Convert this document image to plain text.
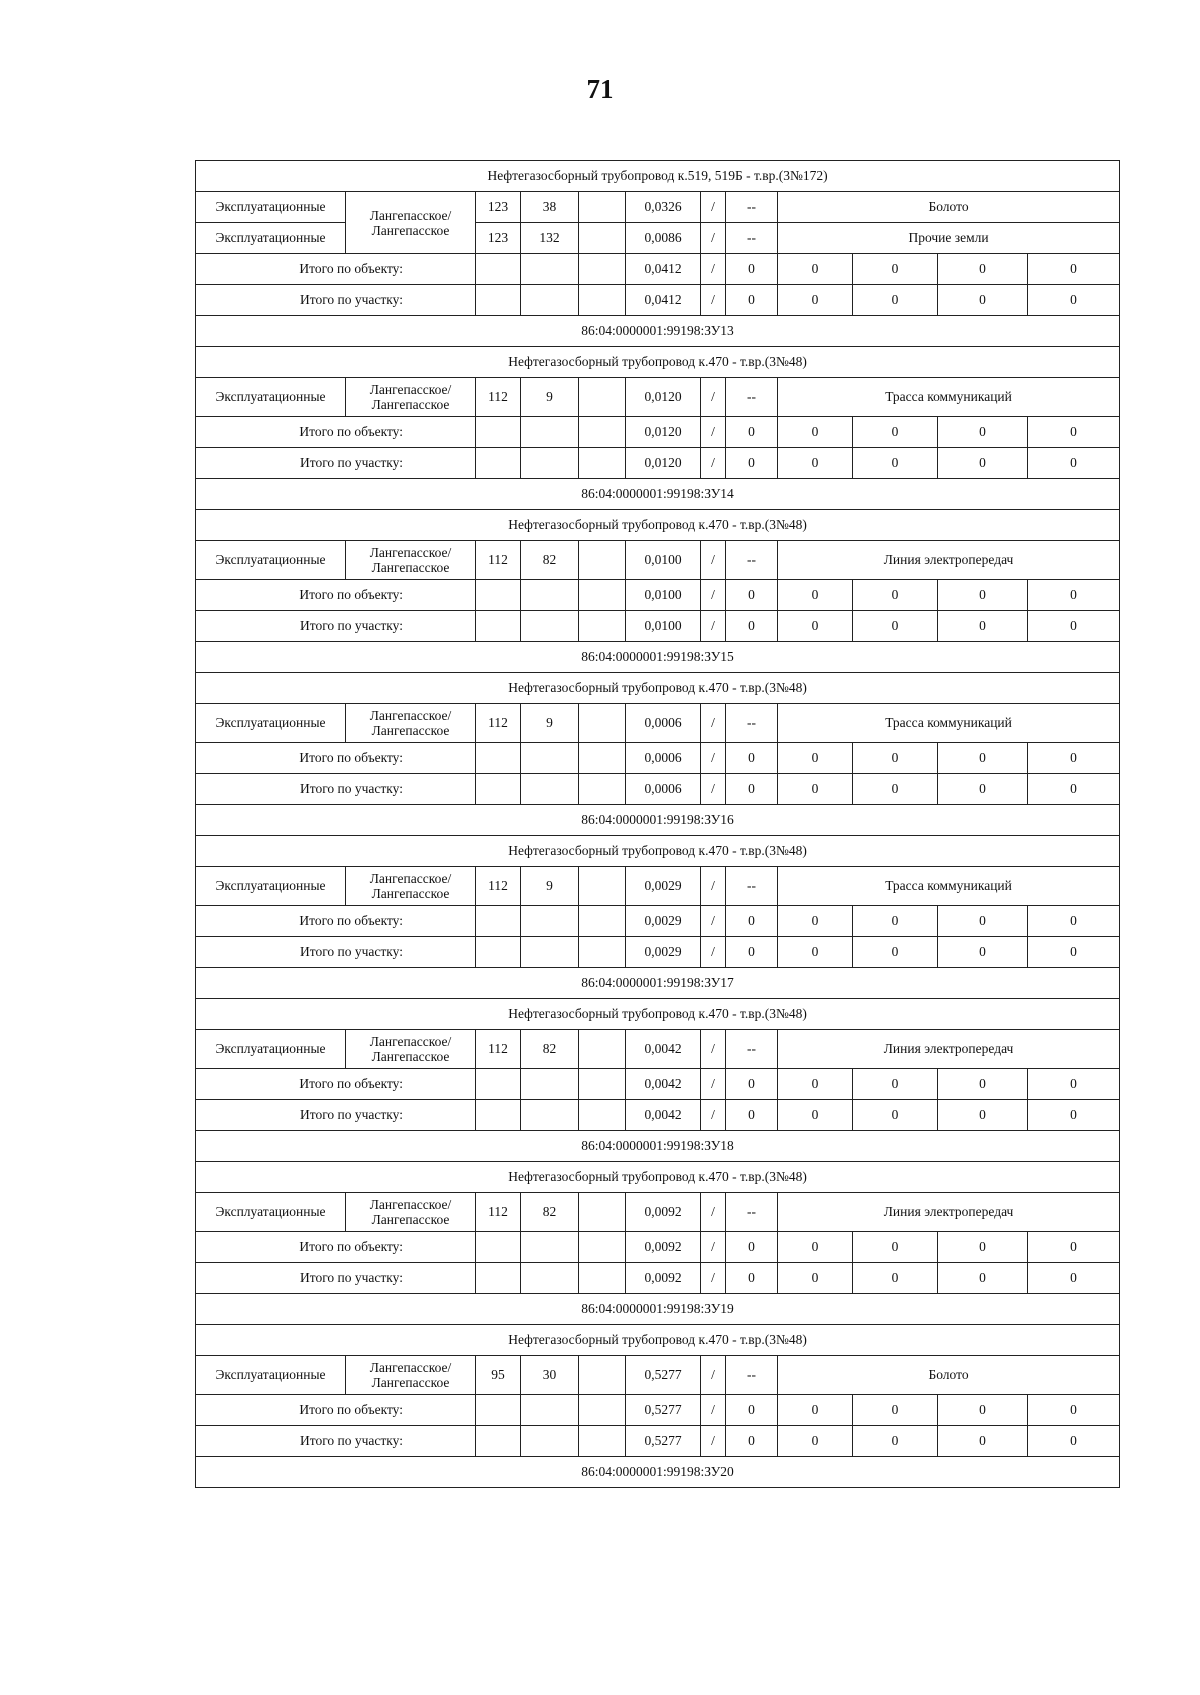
71
Нефтегазосборный трубопровод к.519, 519Б - т.вр.(3№172)											
Эксплуатационные	Лангепасское/ Лангепасское	123	38		0,0326	/	--	Болото			
Эксплуатационные		123	132		0,0086	/	--	Прочие земли			
Итого по объекту:					0,0412	/	0	0	0	0	0
Итого по участку:					0,0412	/	0	0	0	0	0
86:04:0000001:99198:ЗУ13											
Нефтегазосборный трубопровод к.470 - т.вр.(3№48)											
Эксплуатационные	Лангепасское/ Лангепасское	112	9		0,0120	/	--	Трасса коммуникаций			
Итого по объекту:					0,0120	/	0	0	0	0	0
Итого по участку:					0,0120	/	0	0	0	0	0
86:04:0000001:99198:ЗУ14											
Нефтегазосборный трубопровод к.470 - т.вр.(3№48)											
Эксплуатационные	Лангепасское/ Лангепасское	112	82		0,0100	/	--	Линия электропередач			
Итого по объекту:					0,0100	/	0	0	0	0	0
Итого по участку:					0,0100	/	0	0	0	0	0
86:04:0000001:99198:ЗУ15											
Нефтегазосборный трубопровод к.470 - т.вр.(3№48)											
Эксплуатационные	Лангепасское/ Лангепасское	112	9		0,0006	/	--	Трасса коммуникаций			
Итого по объекту:					0,0006	/	0	0	0	0	0
Итого по участку:					0,0006	/	0	0	0	0	0
86:04:0000001:99198:ЗУ16											
Нефтегазосборный трубопровод к.470 - т.вр.(3№48)											
Эксплуатационные	Лангепасское/ Лангепасское	112	9		0,0029	/	--	Трасса коммуникаций			
Итого по объекту:					0,0029	/	0	0	0	0	0
Итого по участку:					0,0029	/	0	0	0	0	0
86:04:0000001:99198:ЗУ17											
Нефтегазосборный трубопровод к.470 - т.вр.(3№48)											
Эксплуатационные	Лангепасское/ Лангепасское	112	82		0,0042	/	--	Линия электропередач			
Итого по объекту:					0,0042	/	0	0	0	0	0
Итого по участку:					0,0042	/	0	0	0	0	0
86:04:0000001:99198:ЗУ18											
Нефтегазосборный трубопровод к.470 - т.вр.(3№48)											
Эксплуатационные	Лангепасское/ Лангепасское	112	82		0,0092	/	--	Линия электропередач			
Итого по объекту:					0,0092	/	0	0	0	0	0
Итого по участку:					0,0092	/	0	0	0	0	0
86:04:0000001:99198:ЗУ19											
Нефтегазосборный трубопровод к.470 - т.вр.(3№48)											
Эксплуатационные	Лангепасское/ Лангепасское	95	30		0,5277	/	--	Болото			
Итого по объекту:					0,5277	/	0	0	0	0	0
Итого по участку:					0,5277	/	0	0	0	0	0
86:04:0000001:99198:ЗУ20											
